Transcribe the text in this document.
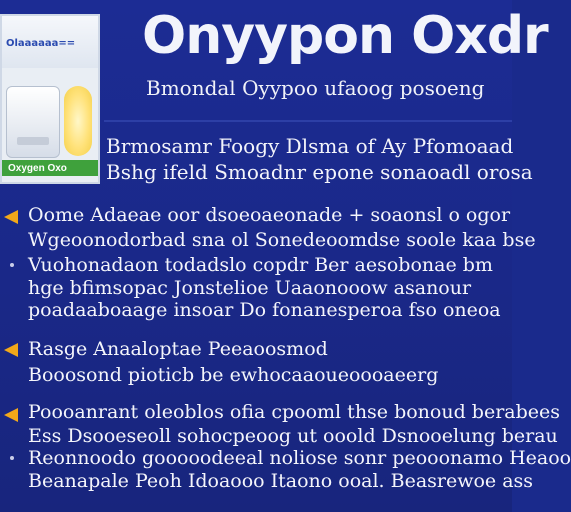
Olaaaaaa==
Oxygen Oxo
Onyypon Oxdr
Bmondal Oyypoo ufaoog posoeng
Brmosamr Foogy Dlsma of Ay Pfomoaad
Bshg ifeld Smoadnr epone sonaoadl orosa
Oome Adaeae oor dsoeoaeonade + soaonsl o ogor
Wgeoonodorbad sna ol Sonedeoomdse soole kaa bse
Vuohonadaon todadslo copdr Ber aesobonae bm
hge bfimsopac Jonstelioe Uaaonooow asanour
poadaaboaage insoar Do fonanesperoa fso oneoa
Rasge Anaaloptae Peeaoosmod
Booosond pioticb be ewhocaaoueoooaeerg
Poooanrant oleoblos ofia cpooml thse bonoud berabees
Ess Dsooeseoll sohocpeoog ut ooold Dsnooelung berau
Reonnoodo gooooodeeal noliose sonr peooonamo Heaoo
Beanapale Peoh Idoaooo Itaono ooal. Beasrewoe ass
